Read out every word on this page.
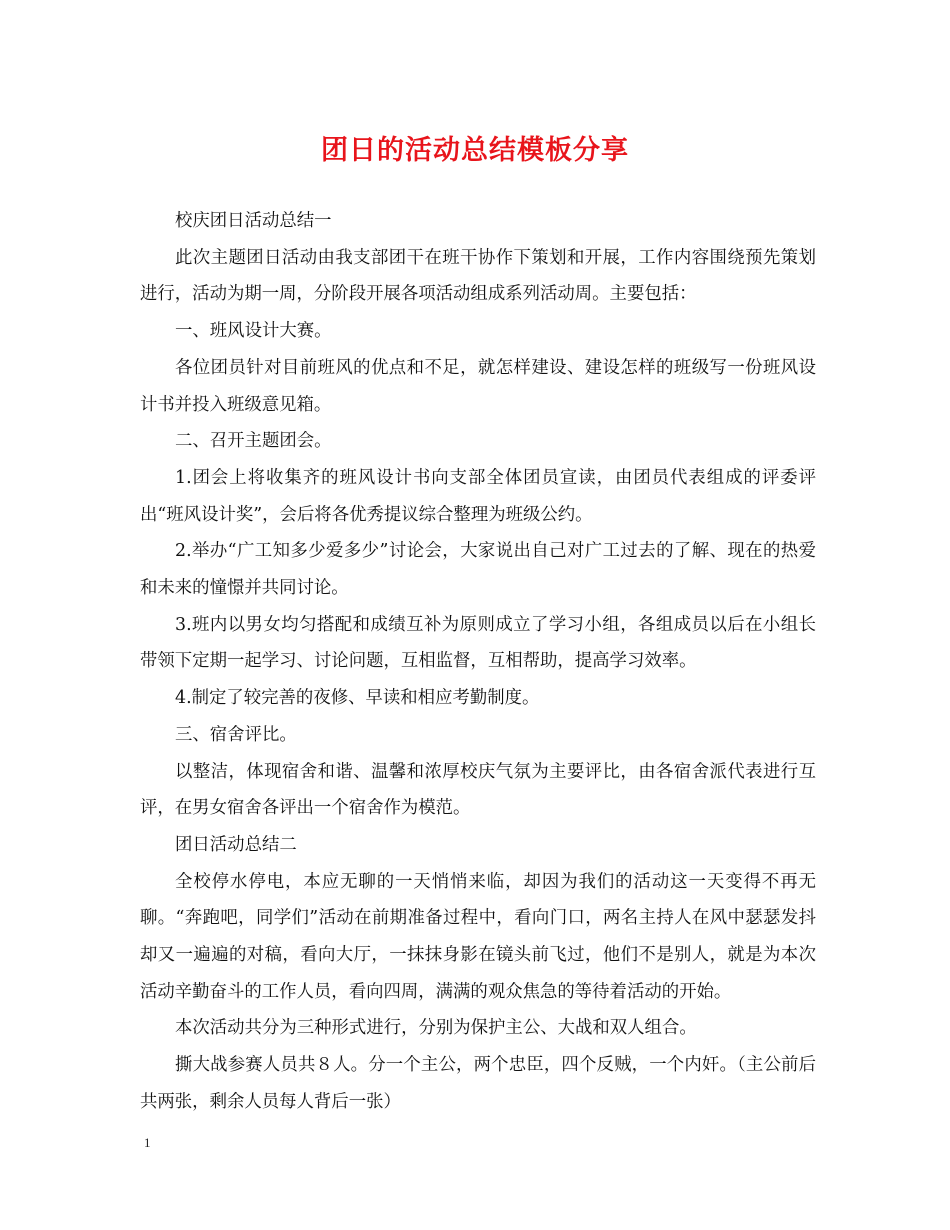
团日的活动总结模板分享

校庆团日活动总结一

此次主题团日活动由我支部团干在班干协作下策划和开展，工作内容围绕预先策划进行，活动为期一周，分阶段开展各项活动组成系列活动周。主要包括：

一、班风设计大赛。

各位团员针对目前班风的优点和不足，就怎样建设、建设怎样的班级写一份班风设计书并投入班级意见箱。

二、召开主题团会。

1.团会上将收集齐的班风设计书向支部全体团员宣读，由团员代表组成的评委评出“班风设计奖”，会后将各优秀提议综合整理为班级公约。

2.举办“广工知多少爱多少”讨论会，大家说出自己对广工过去的了解、现在的热爱和未来的憧憬并共同讨论。

3.班内以男女均匀搭配和成绩互补为原则成立了学习小组，各组成员以后在小组长带领下定期一起学习、讨论问题，互相监督，互相帮助，提高学习效率。

4.制定了较完善的夜修、早读和相应考勤制度。

三、宿舍评比。

以整洁，体现宿舍和谐、温馨和浓厚校庆气氛为主要评比，由各宿舍派代表进行互评，在男女宿舍各评出一个宿舍作为模范。

团日活动总结二

全校停水停电，本应无聊的一天悄悄来临，却因为我们的活动这一天变得不再无聊。“奔跑吧，同学们”活动在前期准备过程中，看向门口，两名主持人在风中瑟瑟发抖却又一遍遍的对稿，看向大厅，一抹抹身影在镜头前飞过，他们不是别人，就是为本次活动辛勤奋斗的工作人员，看向四周，满满的观众焦急的等待着活动的开始。

本次活动共分为三种形式进行，分别为保护主公、大战和双人组合。

撕大战参赛人员共８人。分一个主公，两个忠臣，四个反贼，一个内奸。（主公前后共两张，剩余人员每人背后一张）

1
